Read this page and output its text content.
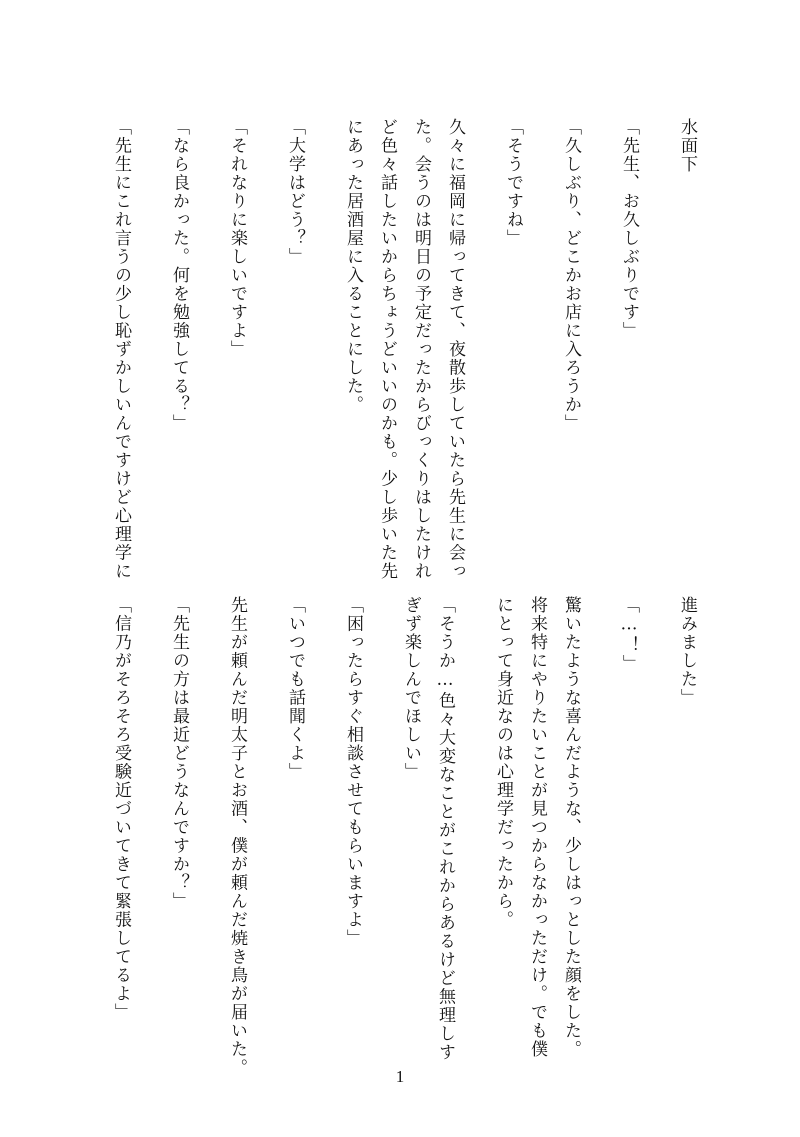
水面下

「先生、お久しぶりです」

「久しぶり、どこかお店に入ろうか」

「そうですね」

久々に福岡に帰ってきて、夜散歩していたら先生に会っ

た。会うのは明日の予定だったからびっくりはしたけれ

ど色々話したいからちょうどいいのかも。少し歩いた先

にあった居酒屋に入ることにした。

「大学はどう？」

「それなりに楽しいですよ」

「なら良かった。何を勉強してる？」

「先生にこれ言うの少し恥ずかしいんですけど心理学に

進みました」

「…！」

驚いたような喜んだような、少しはっとした顔をした。

将来特にやりたいことが見つからなかっただけ。でも僕

にとって身近なのは心理学だったから。

「そうか…色々大変なことがこれからあるけど無理しす

ぎず楽しんでほしい」

「困ったらすぐ相談させてもらいますよ」

「いつでも話聞くよ」

先生が頼んだ明太子とお酒、僕が頼んだ焼き鳥が届いた。

「先生の方は最近どうなんですか？」

「信乃がそろそろ受験近づいてきて緊張してるよ」

1
